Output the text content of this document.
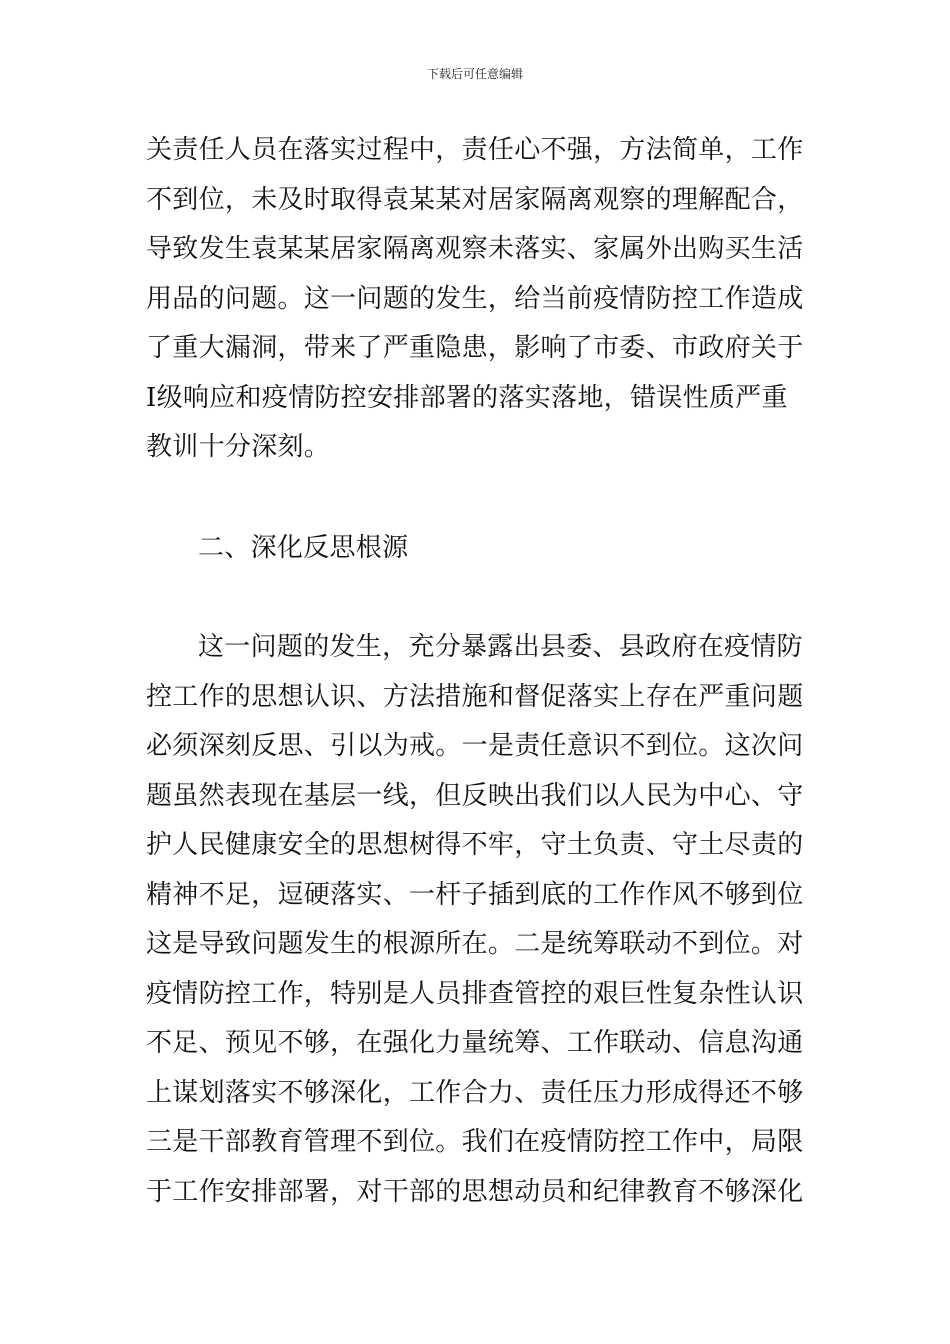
下载后可任意编辑
关责任人员在落实过程中，责任心不强，方法简单，工作
不到位，未及时取得袁某某对居家隔离观察的理解配合，
导致发生袁某某居家隔离观察未落实、家属外出购买生活
用品的问题。这一问题的发生，给当前疫情防控工作造成
了重大漏洞，带来了严重隐患，影响了市委、市政府关于
Ⅰ级响应和疫情防控安排部署的落实落地，错误性质严重
教训十分深刻。
二、深化反思根源
这一问题的发生，充分暴露出县委、县政府在疫情防
控工作的思想认识、方法措施和督促落实上存在严重问题
必须深刻反思、引以为戒。一是责任意识不到位。这次问
题虽然表现在基层一线，但反映出我们以人民为中心、守
护人民健康安全的思想树得不牢，守土负责、守土尽责的
精神不足，逗硬落实、一杆子插到底的工作作风不够到位
这是导致问题发生的根源所在。二是统筹联动不到位。对
疫情防控工作，特别是人员排查管控的艰巨性复杂性认识
不足、预见不够，在强化力量统筹、工作联动、信息沟通
上谋划落实不够深化，工作合力、责任压力形成得还不够
三是干部教育管理不到位。我们在疫情防控工作中，局限
于工作安排部署，对干部的思想动员和纪律教育不够深化
